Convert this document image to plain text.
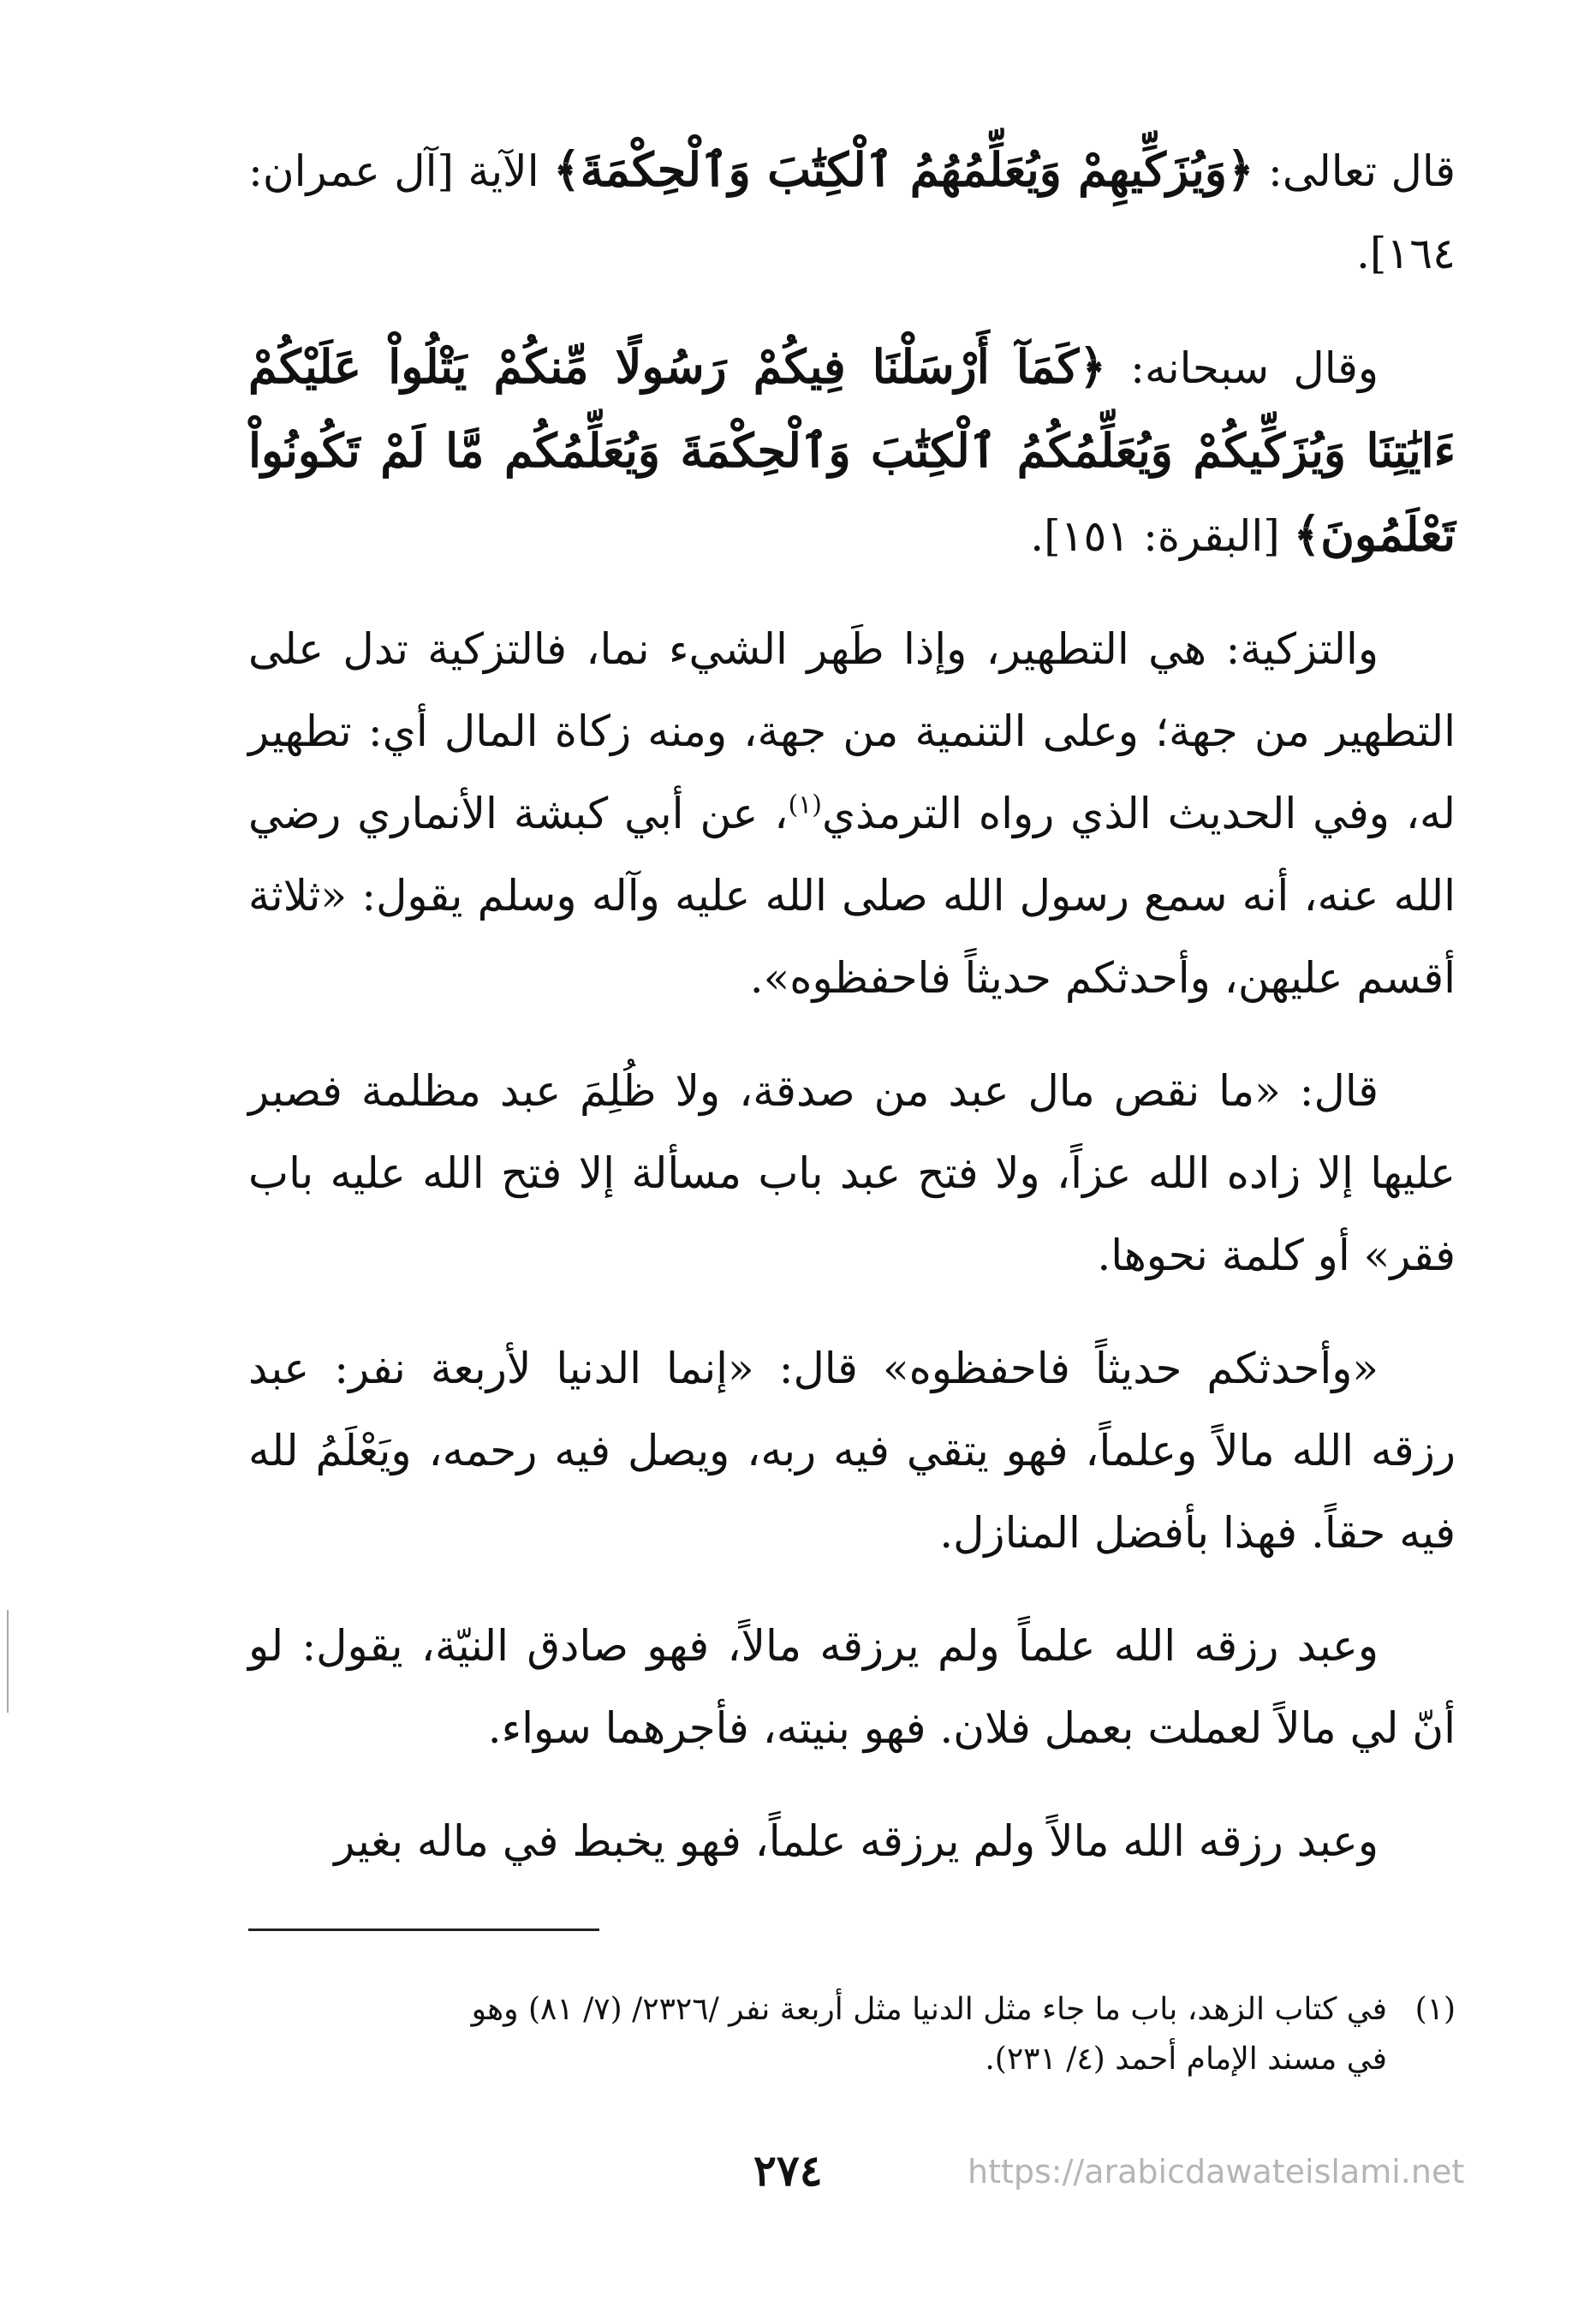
قال تعالى: ﴿وَيُزَكِّيهِمْ وَيُعَلِّمُهُمُ ٱلْكِتَٰبَ وَٱلْحِكْمَةَ﴾ الآية [آل عمران: ١٦٤].

وقال سبحانه: ﴿كَمَآ أَرْسَلْنَا فِيكُمْ رَسُولًا مِّنكُمْ يَتْلُواْ عَلَيْكُمْ ءَايَٰتِنَا وَيُزَكِّيكُمْ وَيُعَلِّمُكُمُ ٱلْكِتَٰبَ وَٱلْحِكْمَةَ وَيُعَلِّمُكُم مَّا لَمْ تَكُونُواْ تَعْلَمُونَ﴾ [البقرة: ١٥١].

والتزكية: هي التطهير، وإذا طَهر الشيء نما، فالتزكية تدل على التطهير من جهة؛ وعلى التنمية من جهة، ومنه زكاة المال أي: تطهير له، وفي الحديث الذي رواه الترمذي$^{(١)}$، عن أبي كبشة الأنماري رضي الله عنه، أنه سمع رسول الله صلى الله عليه وآله وسلم يقول: «ثلاثة أقسم عليهن، وأحدثكم حديثاً فاحفظوه».

قال: «ما نقص مال عبد من صدقة، ولا ظُلِمَ عبد مظلمة فصبر عليها إلا زاده الله عزاً، ولا فتح عبد باب مسألة إلا فتح الله عليه باب فقر» أو كلمة نحوها.

«وأحدثكم حديثاً فاحفظوه» قال: «إنما الدنيا لأربعة نفر: عبد رزقه الله مالاً وعلماً، فهو يتقي فيه ربه، ويصل فيه رحمه، ويَعْلَمُ لله فيه حقاً. فهذا بأفضل المنازل.

وعبد رزقه الله علماً ولم يرزقه مالاً، فهو صادق النيّة، يقول: لو أنّ لي مالاً لعملت بعمل فلان. فهو بنيته، فأجرهما سواء.

وعبد رزقه الله مالاً ولم يرزقه علماً، فهو يخبط في ماله بغير

(١)في كتاب الزهد، باب ما جاء مثل الدنيا مثل أربعة نفر /٢٣٢٦/ (٧/ ٨١) وهو

في مسند الإمام أحمد (٤/ ٢٣١).

٢٧٤	https://arabicdawateislami.net
